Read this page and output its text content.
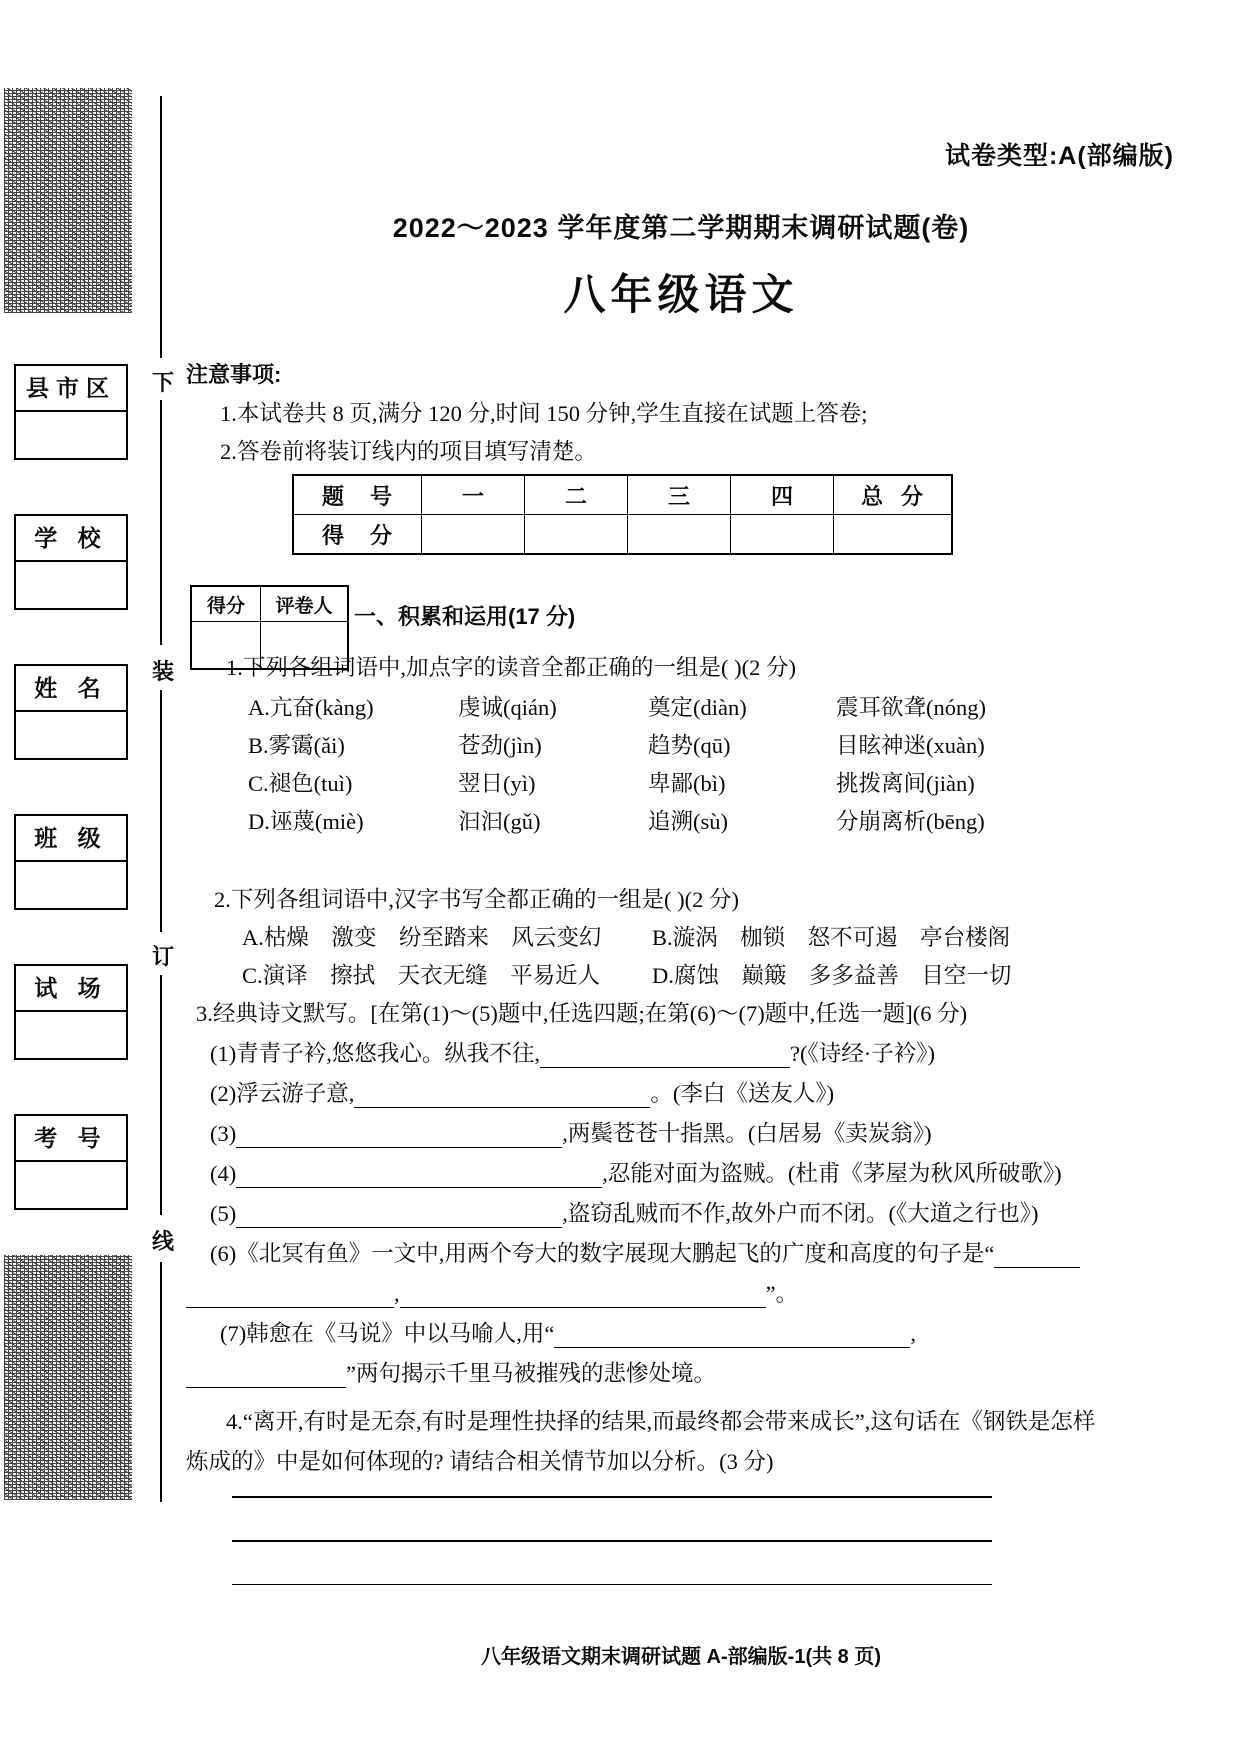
县市区
学 校
姓 名
班 级
试 场
考 号
下
装
订
线
试卷类型:A(部编版)
2022～2023 学年度第二学期期末调研试题(卷)
八年级语文
注意事项:
1.本试卷共 8 页,满分 120 分,时间 150 分钟,学生直接在试题上答卷;
2.答卷前将装订线内的项目填写清楚。
题 号	一	二	三	四	总 分
得 分					
得分	评卷人
	一、积累和运用(17 分)
1.下列各组词语中,加点字的读音全都正确的一组是( )(2 分)
A.亢奋(kàng)	虔诚(qián)	奠定(diàn)	震耳欲聋(nóng)
B.雾霭(ǎi)	苍劲(jìn)	趋势(qū)	目眩神迷(xuàn)
C.褪色(tuì)	翌日(yì)	卑鄙(bì)	挑拨离间(jiàn)
D.诬蔑(miè)	汩汩(gǔ)	追溯(sù)	分崩离析(bēng)
2.下列各组词语中,汉字书写全都正确的一组是( )(2 分)
A.枯燥　激变　纷至踏来　风云变幻 B.漩涡　枷锁　怒不可遏　亭台楼阁
C.演译　擦拭　天衣无缝　平易近人 D.腐蚀　巅簸　多多益善　目空一切
3.经典诗文默写。[在第(1)～(5)题中,任选四题;在第(6)～(7)题中,任选一题](6 分)
(1)青青子衿,悠悠我心。纵我不往,	?(《诗经·子衿》)
(2)浮云游子意,	。(李白《送友人》)
(3)	,两鬓苍苍十指黑。(白居易《卖炭翁》)
(4)	,忍能对面为盗贼。(杜甫《茅屋为秋风所破歌》)
(5)	,盗窃乱贼而不作,故外户而不闭。(《大道之行也》)
(6)《北冥有鱼》一文中,用两个夸大的数字展现大鹏起飞的广度和高度的句子是“
,	”。
(7)韩愈在《马说》中以马喻人,用“	,
”两句揭示千里马被摧残的悲惨处境。
4.“离开,有时是无奈,有时是理性抉择的结果,而最终都会带来成长”,这句话在《钢铁是怎样
炼成的》中是如何体现的? 请结合相关情节加以分析。(3 分)
八年级语文期末调研试题 A-部编版-1(共 8 页)
